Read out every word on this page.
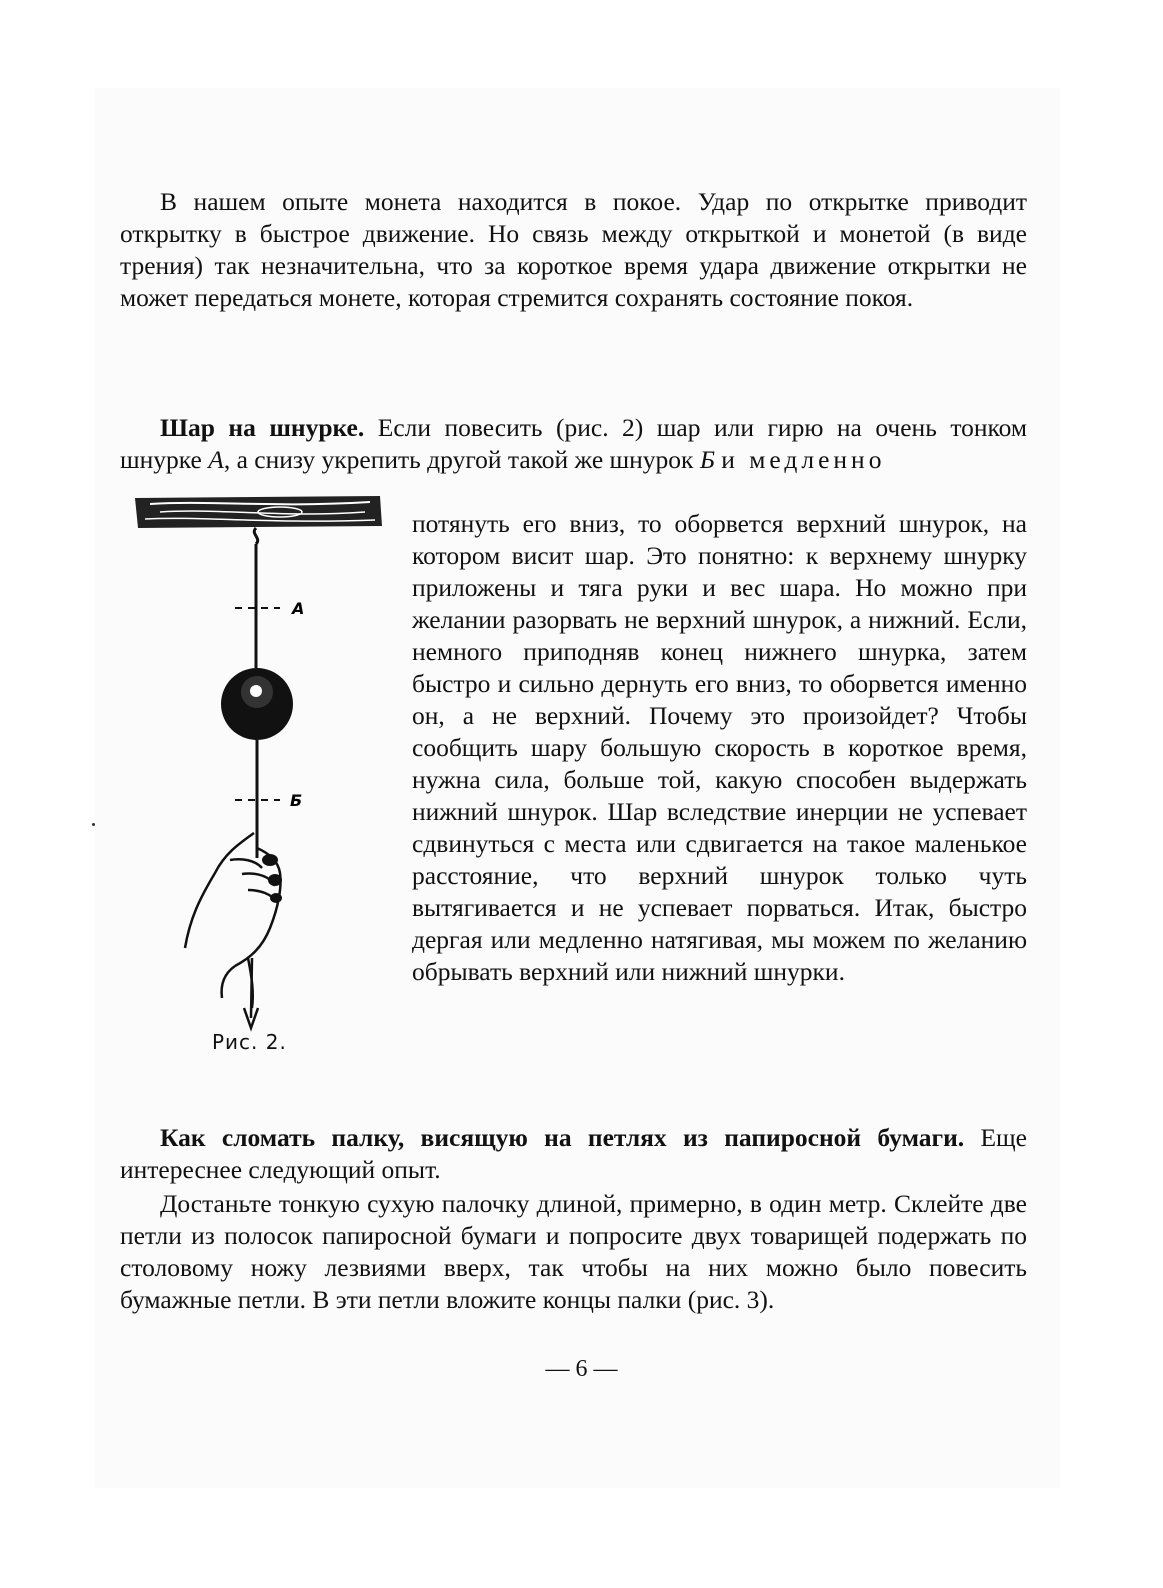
В нашем опыте монета находится в покое. Удар по открытке приводит открытку в быстрое движение. Но связь между открыткой и монетой (в виде трения) так незначительна, что за короткое время удара движение открытки не может передаться монете, которая стремится сохранять состояние покоя.
Шар на шнурке. Если повесить (рис. 2) шар или гирю на очень тонком шнурке А, а снизу укрепить другой такой же шнурок Б и медленно
потянуть его вниз, то оборвется верхний шнурок, на котором висит шар. Это понятно: к верхнему шнурку приложены и тяга руки и вес шара. Но можно при желании разорвать не верхний шнурок, а нижний. Если, немного приподняв конец нижнего шнурка, затем быстро и сильно дернуть его вниз, то оборвется именно он, а не верхний. Почему это произойдет? Чтобы сообщить шару большую скорость в короткое время, нужна сила, больше той, какую способен выдержать нижний шнурок. Шар вследствие инерции не успевает сдвинуться с места или сдвигается на такое маленькое расстояние, что верхний шнурок только чуть вытягивается и не успевает порваться. Итак, быстро дергая или медленно натягивая, мы можем по желанию обрывать верхний или нижний шнурки.
А
Б
Рис. 2.
Как сломать палку, висящую на петлях из папиросной бумаги. Еще интереснее следующий опыт.
Достаньте тонкую сухую палочку длиной, примерно, в один метр. Склейте две петли из полосок папиросной бумаги и попросите двух товарищей подержать по столовому ножу лезвиями вверх, так чтобы на них можно было повесить бумажные петли. В эти петли вложите концы палки (рис. 3).
— 6 —
